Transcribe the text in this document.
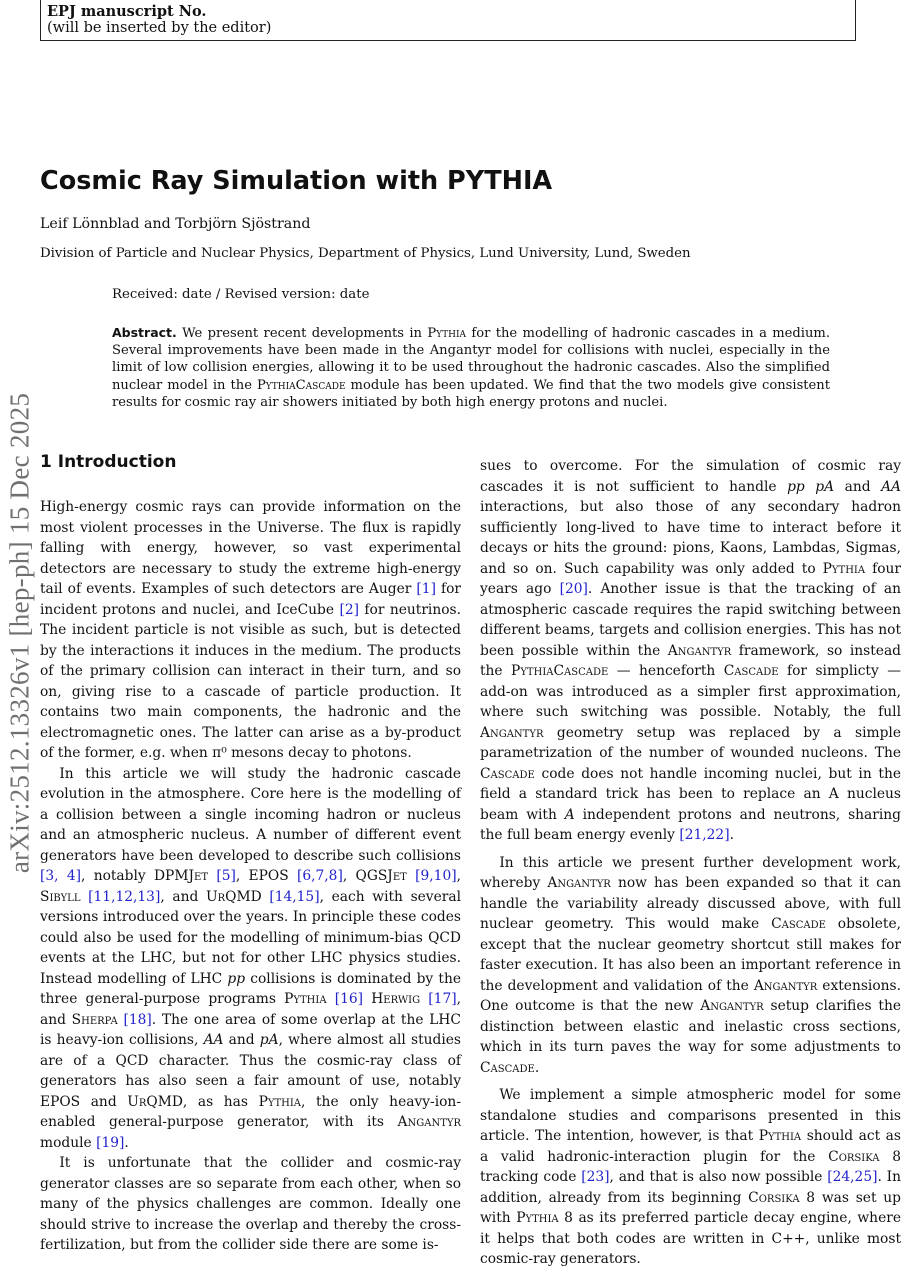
EPJ manuscript No.
(will be inserted by the editor)
arXiv:2512.13326v1 [hep-ph] 15 Dec 2025
Cosmic Ray Simulation with PYTHIA
Leif Lönnblad and Torbjörn Sjöstrand
Division of Particle and Nuclear Physics, Department of Physics, Lund University, Lund, Sweden
Received: date / Revised version: date

Abstract. We present recent developments in Pythia for the modelling of hadronic cascades in a medium. Several improvements have been made in the Angantyr model for collisions with nuclei, especially in the limit of low collision energies, allowing it to be used throughout the hadronic cascades. Also the simplified nuclear model in the PythiaCascade module has been updated. We find that the two models give consistent results for cosmic ray air showers initiated by both high energy protons and nuclei.

1 Introduction

High-energy cosmic rays can provide information on the most violent processes in the Universe. The flux is rapidly falling with energy, however, so vast experimental detectors are necessary to study the extreme high-energy tail of events. Examples of such detectors are Auger [1] for incident protons and nuclei, and IceCube [2] for neutrinos. The incident particle is not visible as such, but is detected by the interactions it induces in the medium. The products of the primary collision can interact in their turn, and so on, giving rise to a cascade of particle production. It contains two main components, the hadronic and the electromagnetic ones. The latter can arise as a by-product of the former, e.g. when π⁰ mesons decay to photons.

In this article we will study the hadronic cascade evolution in the atmosphere. Core here is the modelling of a collision between a single incoming hadron or nucleus and an atmospheric nucleus. A number of different event generators have been developed to describe such collisions [3, 4], notably DPMJet [5], EPOS [6,7,8], QGSJet [9,10], Sibyll [11,12,13], and UrQMD [14,15], each with several versions introduced over the years. In principle these codes could also be used for the modelling of minimum-bias QCD events at the LHC, but not for other LHC physics studies. Instead modelling of LHC pp collisions is dominated by the three general-purpose programs Pythia [16] Herwig [17], and Sherpa [18]. The one area of some overlap at the LHC is heavy-ion collisions, AA and pA, where almost all studies are of a QCD character. Thus the cosmic-ray class of generators has also seen a fair amount of use, notably EPOS and UrQMD, as has Pythia, the only heavy-ion-enabled general-purpose generator, with its Angantyr module [19].

It is unfortunate that the collider and cosmic-ray generator classes are so separate from each other, when so many of the physics challenges are common. Ideally one should strive to increase the overlap and thereby the cross-fertilization, but from the collider side there are some is-

sues to overcome. For the simulation of cosmic ray cascades it is not sufficient to handle pp pA and AA interactions, but also those of any secondary hadron sufficiently long-lived to have time to interact before it decays or hits the ground: pions, Kaons, Lambdas, Sigmas, and so on. Such capability was only added to Pythia four years ago [20]. Another issue is that the tracking of an atmospheric cascade requires the rapid switching between different beams, targets and collision energies. This has not been possible within the Angantyr framework, so instead the PythiaCascade — henceforth Cascade for simplicty — add-on was introduced as a simpler first approximation, where such switching was possible. Notably, the full Angantyr geometry setup was replaced by a simple parametrization of the number of wounded nucleons. The Cascade code does not handle incoming nuclei, but in the field a standard trick has been to replace an A nucleus beam with A independent protons and neutrons, sharing the full beam energy evenly [21,22].

In this article we present further development work, whereby Angantyr now has been expanded so that it can handle the variability already discussed above, with full nuclear geometry. This would make Cascade obsolete, except that the nuclear geometry shortcut still makes for faster execution. It has also been an important reference in the development and validation of the Angantyr extensions. One outcome is that the new Angantyr setup clarifies the distinction between elastic and inelastic cross sections, which in its turn paves the way for some adjustments to Cascade.

We implement a simple atmospheric model for some standalone studies and comparisons presented in this article. The intention, however, is that Pythia should act as a valid hadronic-interaction plugin for the Corsika 8 tracking code [23], and that is also now possible [24,25]. In addition, already from its beginning Corsika 8 was set up with Pythia 8 as its preferred particle decay engine, where it helps that both codes are written in C++, unlike most cosmic-ray generators.
